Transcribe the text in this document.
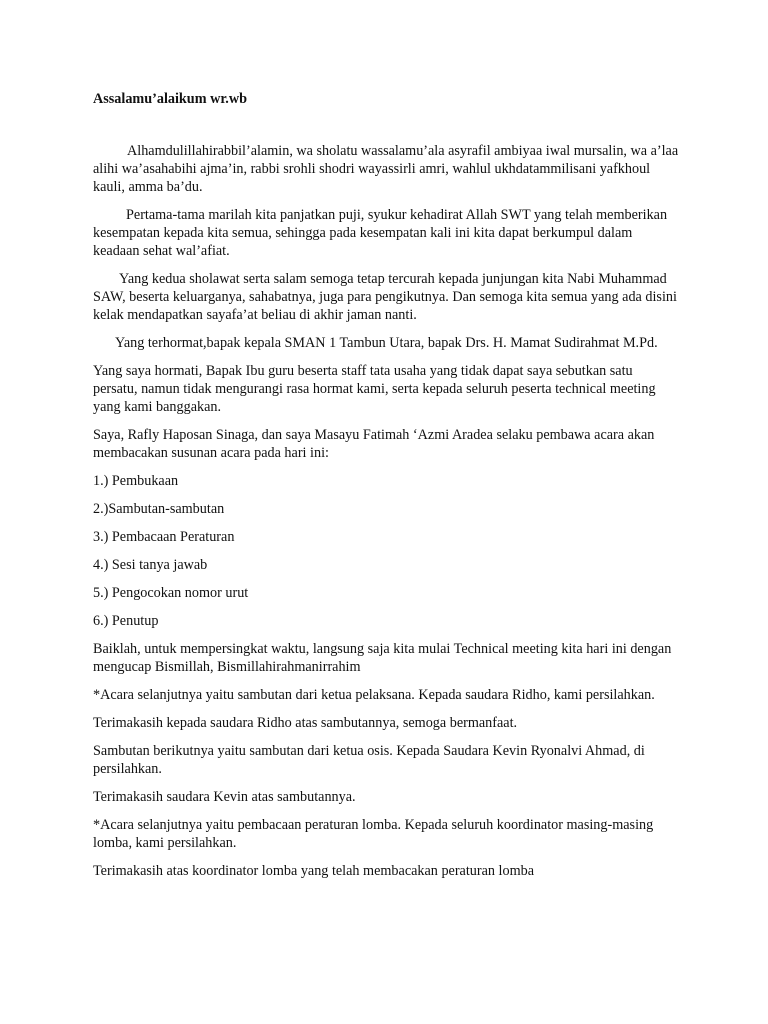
Assalamu’alaikum wr.wb

Alhamdulillahirabbil’alamin, wa sholatu wassalamu’ala asyrafil ambiyaa iwal mursalin, wa a’laa alihi wa’asahabihi ajma’in, rabbi srohli shodri wayassirli amri, wahlul ukhdatammilisani yafkhoul kauli, amma ba’du.

Pertama-tama marilah kita panjatkan puji, syukur kehadirat Allah SWT yang telah memberikan kesempatan kepada kita semua, sehingga pada kesempatan kali ini kita dapat berkumpul dalam keadaan sehat wal’afiat.

Yang kedua sholawat serta salam semoga tetap tercurah kepada junjungan kita Nabi Muhammad SAW, beserta keluarganya, sahabatnya, juga para pengikutnya. Dan semoga kita semua yang ada disini kelak mendapatkan sayafa’at beliau di akhir jaman nanti.

Yang terhormat,bapak kepala SMAN 1 Tambun Utara, bapak Drs. H. Mamat Sudirahmat M.Pd.

Yang saya hormati, Bapak Ibu guru beserta staff tata usaha yang tidak dapat saya sebutkan satu persatu, namun tidak mengurangi rasa hormat kami, serta kepada seluruh peserta technical meeting yang kami banggakan.

Saya, Rafly Haposan Sinaga, dan saya Masayu Fatimah ‘Azmi Aradea selaku pembawa acara akan membacakan susunan acara pada hari ini:

1.) Pembukaan

2.)Sambutan-sambutan

3.) Pembacaan Peraturan

4.) Sesi tanya jawab

5.) Pengocokan nomor urut

6.) Penutup

Baiklah, untuk mempersingkat waktu, langsung saja kita mulai Technical meeting kita hari ini dengan mengucap Bismillah, Bismillahirahmanirrahim

*Acara selanjutnya yaitu sambutan dari ketua pelaksana. Kepada saudara Ridho, kami persilahkan.

Terimakasih kepada saudara Ridho atas sambutannya, semoga bermanfaat.

Sambutan berikutnya yaitu sambutan dari ketua osis. Kepada Saudara Kevin Ryonalvi Ahmad, di persilahkan.

Terimakasih saudara Kevin atas sambutannya.

*Acara selanjutnya yaitu pembacaan peraturan lomba. Kepada seluruh koordinator masing-masing lomba, kami persilahkan.

Terimakasih atas koordinator lomba yang telah membacakan peraturan lomba
